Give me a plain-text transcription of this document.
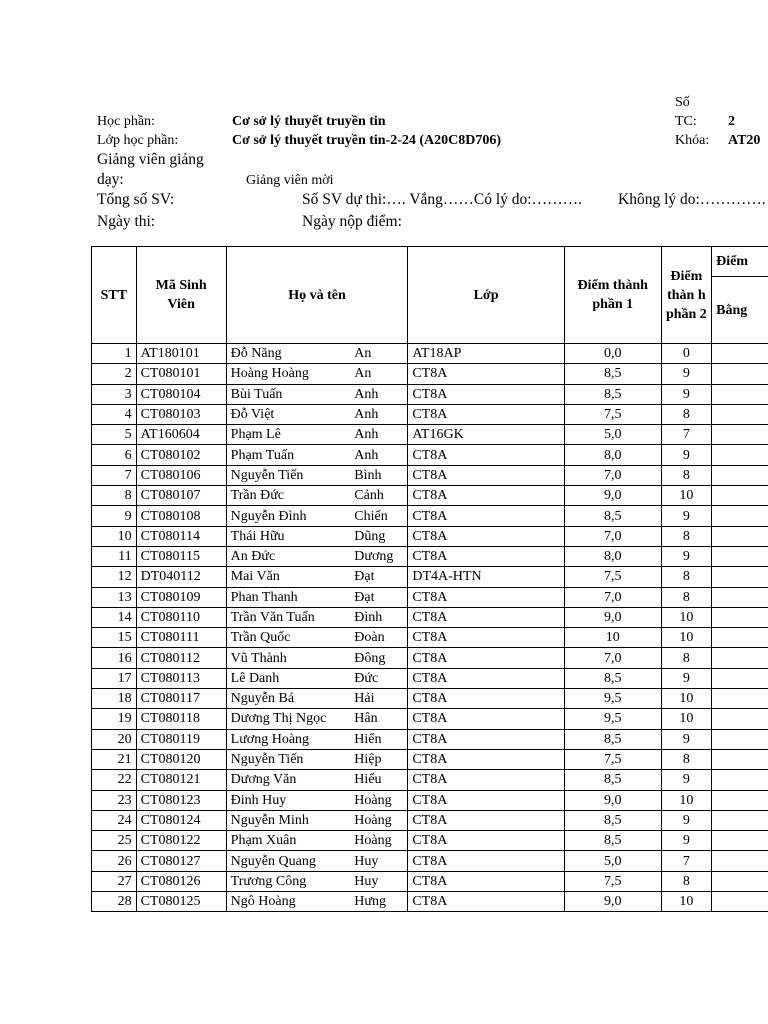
Số
Học phần:	Cơ sở lý thuyết truyền tin	TC: 2
Lớp học phần:	Cơ sở lý thuyết truyền tin-2-24 (A20C8D706)	Khóa: AT20
Giảng viên giảng
dạy:	Giảng viên mời
Tổng số SV:	Số SV dự thi:…. Vắng……Có lý do:………. Không lý do:………….
Ngày thi:	Ngày nộp điểm:
STT	Mã Sinh Viên	Họ và tên		Lớp	Điểm thành phần 1	Điểm thàn h phần 2	Điểm
							Bằng
1	AT180101	Đỗ Năng	An	AT18AP	0,0	0	
2	CT080101	Hoàng Hoàng	An	CT8A	8,5	9	
3	CT080104	Bùi Tuấn	Anh	CT8A	8,5	9	
4	CT080103	Đỗ Việt	Anh	CT8A	7,5	8	
5	AT160604	Phạm Lê	Anh	AT16GK	5,0	7	
6	CT080102	Phạm Tuấn	Anh	CT8A	8,0	9	
7	CT080106	Nguyễn Tiến	Bình	CT8A	7,0	8	
8	CT080107	Trần Đức	Cảnh	CT8A	9,0	10	
9	CT080108	Nguyễn Đình	Chiến	CT8A	8,5	9	
10	CT080114	Thái Hữu	Dũng	CT8A	7,0	8	
11	CT080115	An Đức	Dương	CT8A	8,0	9	
12	DT040112	Mai Văn	Đạt	DT4A-HTN	7,5	8	
13	CT080109	Phan Thanh	Đạt	CT8A	7,0	8	
14	CT080110	Trần Văn Tuấn	Đình	CT8A	9,0	10	
15	CT080111	Trần Quốc	Đoàn	CT8A	10	10	
16	CT080112	Vũ Thành	Đông	CT8A	7,0	8	
17	CT080113	Lê Danh	Đức	CT8A	8,5	9	
18	CT080117	Nguyễn Bá	Hải	CT8A	9,5	10	
19	CT080118	Dương Thị Ngọc	Hân	CT8A	9,5	10	
20	CT080119	Lương Hoàng	Hiển	CT8A	8,5	9	
21	CT080120	Nguyễn Tiến	Hiệp	CT8A	7,5	8	
22	CT080121	Dương Văn	Hiếu	CT8A	8,5	9	
23	CT080123	Đinh Huy	Hoàng	CT8A	9,0	10	
24	CT080124	Nguyễn Minh	Hoàng	CT8A	8,5	9	
25	CT080122	Phạm Xuân	Hoàng	CT8A	8,5	9	
26	CT080127	Nguyễn Quang	Huy	CT8A	5,0	7	
27	CT080126	Trương Công	Huy	CT8A	7,5	8	
28	CT080125	Ngô Hoàng	Hưng	CT8A	9,0	10	
